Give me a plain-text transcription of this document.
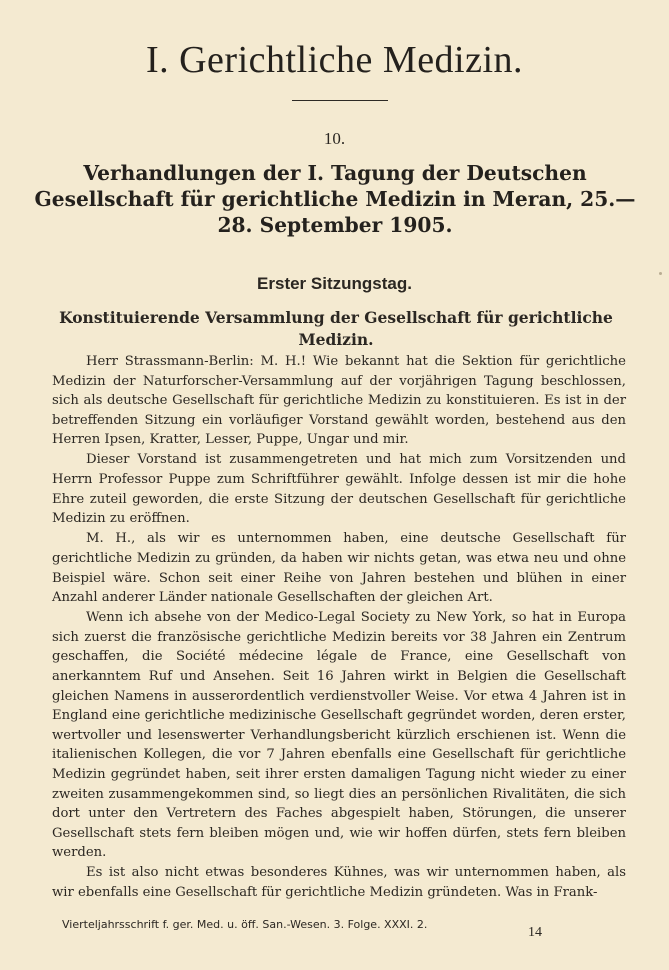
I. Gerichtliche Medizin.
10.
Verhandlungen der I. Tagung der Deutschen Gesellschaft für gerichtliche Medizin in Meran, 25.—28. September 1905.
Erster Sitzungstag.
Konstituierende Versammlung der Gesellschaft für gerichtliche Medizin.

Herr Strassmann-Berlin: M. H.! Wie bekannt hat die Sektion für gerichtliche Medizin der Naturforscher-Versammlung auf der vorjährigen Tagung beschlossen, sich als deutsche Gesellschaft für gerichtliche Medizin zu konstituieren. Es ist in der betreffenden Sitzung ein vorläufiger Vorstand gewählt worden, bestehend aus den Herren Ipsen, Kratter, Lesser, Puppe, Ungar und mir.

Dieser Vorstand ist zusammengetreten und hat mich zum Vorsitzenden und Herrn Professor Puppe zum Schriftführer gewählt. Infolge dessen ist mir die hohe Ehre zuteil geworden, die erste Sitzung der deutschen Gesellschaft für gerichtliche Medizin zu eröffnen.

M. H., als wir es unternommen haben, eine deutsche Gesellschaft für gerichtliche Medizin zu gründen, da haben wir nichts getan, was etwa neu und ohne Beispiel wäre. Schon seit einer Reihe von Jahren bestehen und blühen in einer Anzahl anderer Länder nationale Gesellschaften der gleichen Art.

Wenn ich absehe von der Medico-Legal Society zu New York, so hat in Europa sich zuerst die französische gerichtliche Medizin bereits vor 38 Jahren ein Zentrum geschaffen, die Société médecine légale de France, eine Gesellschaft von anerkanntem Ruf und Ansehen. Seit 16 Jahren wirkt in Belgien die Gesellschaft gleichen Namens in ausserordentlich verdienstvoller Weise. Vor etwa 4 Jahren ist in England eine gerichtliche medizinische Gesellschaft gegründet worden, deren erster, wertvoller und lesenswerter Verhandlungsbericht kürzlich erschienen ist. Wenn die italienischen Kollegen, die vor 7 Jahren ebenfalls eine Gesellschaft für gerichtliche Medizin gegründet haben, seit ihrer ersten damaligen Tagung nicht wieder zu einer zweiten zusammengekommen sind, so liegt dies an persönlichen Rivalitäten, die sich dort unter den Vertretern des Faches abgespielt haben, Störungen, die unserer Gesellschaft stets fern bleiben mögen und, wie wir hoffen dürfen, stets fern bleiben werden.

Es ist also nicht etwas besonderes Kühnes, was wir unternommen haben, als wir ebenfalls eine Gesellschaft für gerichtliche Medizin gründeten. Was in Frank-

Vierteljahrsschrift f. ger. Med. u. öff. San.-Wesen. 3. Folge. XXXI. 2.
14
